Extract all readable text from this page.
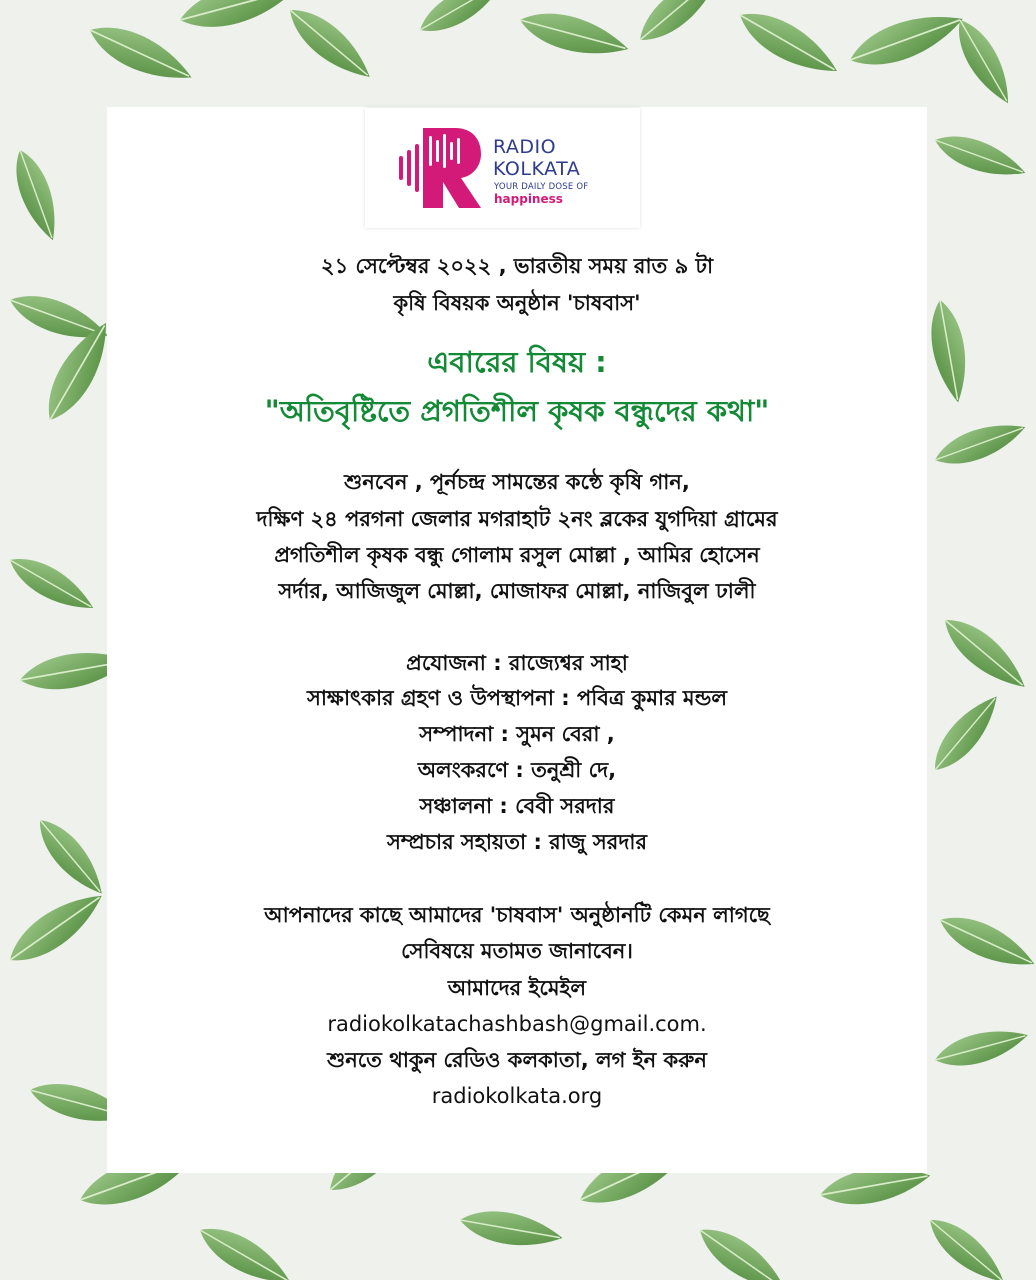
RADIO
KOLKATA
YOUR DAILY DOSE OF
happiness
২১ সেপ্টেম্বর ২০২২ , ভারতীয় সময় রাত ৯ টা
কৃষি বিষয়ক অনুষ্ঠান 'চাষবাস'
এবারের বিষয় :
"অতিবৃষ্টিতে প্রগতিশীল কৃষক বন্ধুদের কথা"
শুনবেন , পূর্নচন্দ্র সামন্তের কন্ঠে কৃষি গান,
দক্ষিণ ২৪ পরগনা জেলার মগরাহাট ২নং ব্লকের যুগদিয়া গ্রামের
প্রগতিশীল কৃষক বন্ধু গোলাম রসুল মোল্লা , আমির হোসেন
সর্দার, আজিজুল মোল্লা, মোজাফর মোল্লা, নাজিবুল ঢালী
প্রযোজনা : রাজ্যেশ্বর সাহা
সাক্ষাৎকার গ্রহণ ও উপস্থাপনা : পবিত্র কুমার মন্ডল
সম্পাদনা : সুমন বেরা ,
অলংকরণে : তনুশ্রী দে,
সঞ্চালনা : বেবী সরদার
সম্প্রচার সহায়তা : রাজু সরদার
আপনাদের কাছে আমাদের 'চাষবাস' অনুষ্ঠানটি কেমন লাগছে
সেবিষয়ে মতামত জানাবেন।
আমাদের ইমেইল
radiokolkatachashbash@gmail.com.
শুনতে থাকুন রেডিও কলকাতা, লগ ইন করুন
radiokolkata.org
